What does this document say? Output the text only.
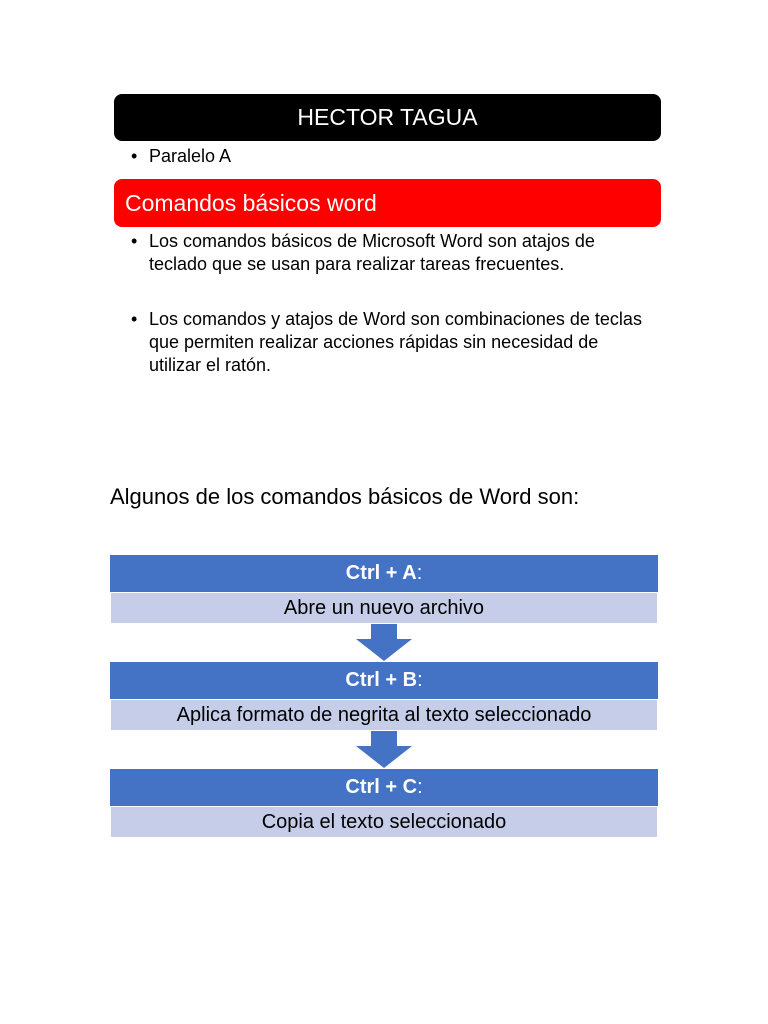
HECTOR TAGUA
• Paralelo A
Comandos básicos word
• Los comandos básicos de Microsoft Word son atajos de teclado que se usan para realizar tareas frecuentes.
• Los comandos y atajos de Word son combinaciones de teclas que permiten realizar acciones rápidas sin necesidad de utilizar el ratón.
Algunos de los comandos básicos de Word son:
Ctrl + A :
Abre un nuevo archivo
Ctrl + B :
Aplica formato de negrita al texto seleccionado
Ctrl + C :
Copia el texto seleccionado
